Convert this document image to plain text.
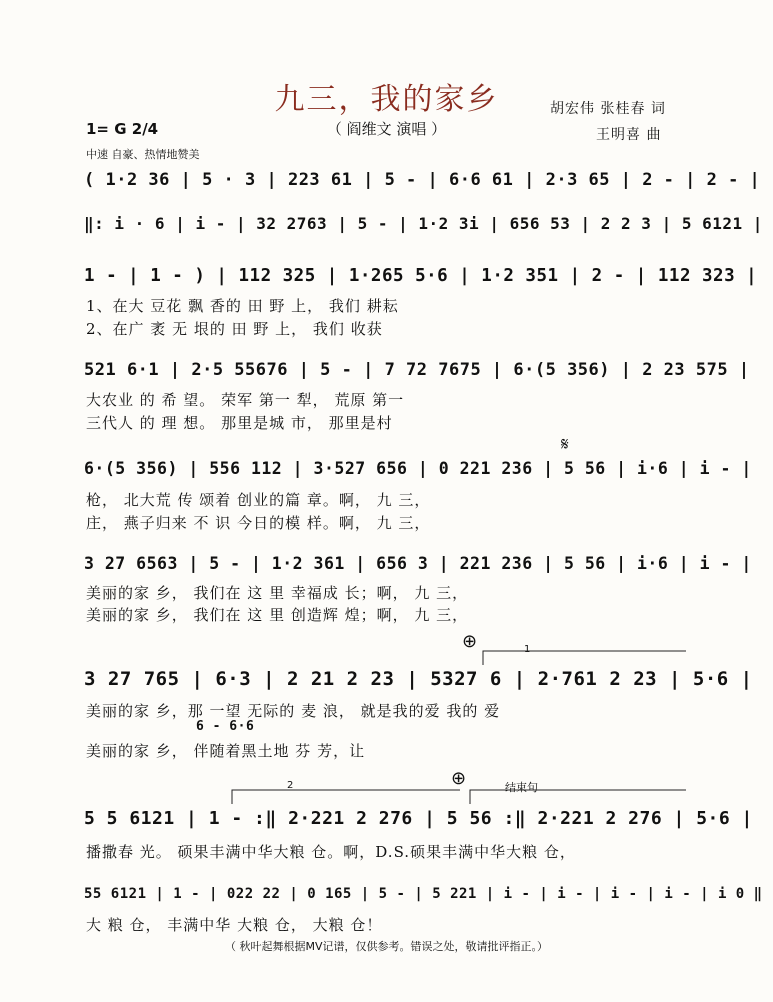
九三，我的家乡
（ 阎维文 演唱 ）
胡宏伟 张桂春 词
王明喜 曲
1= G 2/4
中速 自豪、热情地赞美
( 1·2 36 | 5 · 3 | 223 61 | 5 - | 6·6 61 | 2·3 65 | 2 - | 2 - |
‖: i · 6 | i - | 32 2763 | 5 - | 1·2 3i | 656 53 | 2 2 3 | 5 6121 |
1 - | 1 - ) | 112 325 | 1·265 5·6 | 1·2 351 | 2 - | 112 323 |
1、在大 豆花 飘 香的 田 野 上， 我们 耕耘
2、在广 袤 无 垠的 田 野 上， 我们 收获
521 6·1 | 2·5 55676 | 5 - | 7 72 7675 | 6·(5 356) | 2 23 575 |
大农业 的 希 望。 荣军 第一 犁， 荒原 第一
三代人 的 理 想。 那里是城 市， 那里是村
6·(5 356) | 556 112 | 3·527 656 | 0 221 236 | 5 56 | i·6 | i - |
枪， 北大荒 传 颂着 创业的篇 章。啊， 九 三，
庄， 燕子归来 不 识 今日的模 样。啊， 九 三，
3 27 6563 | 5 - | 1·2 361 | 656 3 | 221 236 | 5 56 | i·6 | i - |
美丽的家 乡， 我们在 这 里 幸福成 长；啊， 九 三，
美丽的家 乡， 我们在 这 里 创造辉 煌；啊， 九 三，
3 27 765 | 6·3 | 2 21 2 23 | 5327 6 | 2·761 2 23 | 5·6 |
美丽的家 乡，那 一望 无际的 麦 浪， 就是我的爱 我的 爱
6 - 6·6
美丽的家 乡， 伴随着黑土地 芬 芳，让
5 5 6121 | 1 - :‖ 2·221 2 276 | 5 56 :‖ 2·221 2 276 | 5·6 |
播撒春 光。 硕果丰满中华大粮 仓。啊，D.S.硕果丰满中华大粮 仓，
55 6121 | 1 - | 022 22 | 0 165 | 5 - | 5 221 | i - | i - | i - | i - | i 0 ‖
大 粮 仓， 丰满中华 大粮 仓， 大粮 仓！
𝄋
⊕
⊕
1
2	结束句
（ 秋叶起舞根据MV记谱，仅供参考。错误之处，敬请批评指正。）
